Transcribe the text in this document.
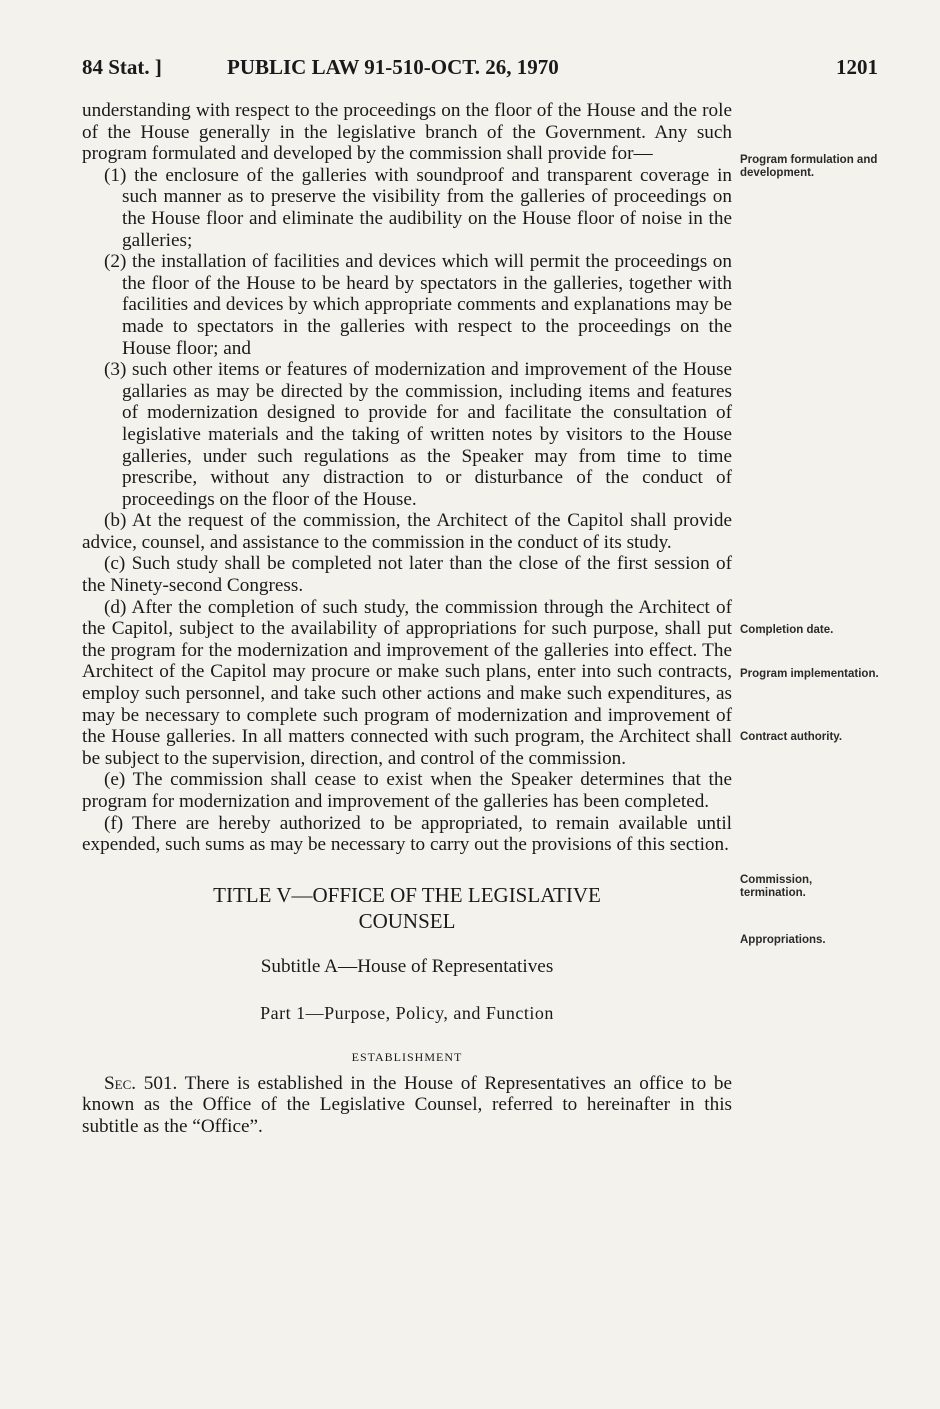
84 Stat. ]	PUBLIC LAW 91-510-OCT. 26, 1970	1201

understanding with respect to the proceedings on the floor of the House and the role of the House generally in the legislative branch of the Government. Any such program formulated and developed by the commission shall provide for—

(1) the enclosure of the galleries with soundproof and transparent coverage in such manner as to preserve the visibility from the galleries of proceedings on the House floor and eliminate the audibility on the House floor of noise in the galleries;

(2) the installation of facilities and devices which will permit the proceedings on the floor of the House to be heard by spectators in the galleries, together with facilities and devices by which appropriate comments and explanations may be made to spectators in the galleries with respect to the proceedings on the House floor; and

(3) such other items or features of modernization and improvement of the House gallaries as may be directed by the commission, including items and features of modernization designed to provide for and facilitate the consultation of legislative materials and the taking of written notes by visitors to the House galleries, under such regulations as the Speaker may from time to time prescribe, without any distraction to or disturbance of the conduct of proceedings on the floor of the House.

(b) At the request of the commission, the Architect of the Capitol shall provide advice, counsel, and assistance to the commission in the conduct of its study.

(c) Such study shall be completed not later than the close of the first session of the Ninety-second Congress.

(d) After the completion of such study, the commission through the Architect of the Capitol, subject to the availability of appropriations for such purpose, shall put the program for the modernization and improvement of the galleries into effect. The Architect of the Capitol may procure or make such plans, enter into such contracts, employ such personnel, and take such other actions and make such expenditures, as may be necessary to complete such program of modernization and improvement of the House galleries. In all matters connected with such program, the Architect shall be subject to the supervision, direction, and control of the commission.

(e) The commission shall cease to exist when the Speaker determines that the program for modernization and improvement of the galleries has been completed.

(f) There are hereby authorized to be appropriated, to remain available until expended, such sums as may be necessary to carry out the provisions of this section.

TITLE V—OFFICE OF THE LEGISLATIVE COUNSEL

Subtitle A—House of Representatives

Part 1—Purpose, Policy, and Function

ESTABLISHMENT

Sec. 501. There is established in the House of Representatives an office to be known as the Office of the Legislative Counsel, referred to hereinafter in this subtitle as the “Office”.

Program formulation and development.
Completion date.
Program implementation.
Contract authority.
Commission, termination.
Appropriations.
